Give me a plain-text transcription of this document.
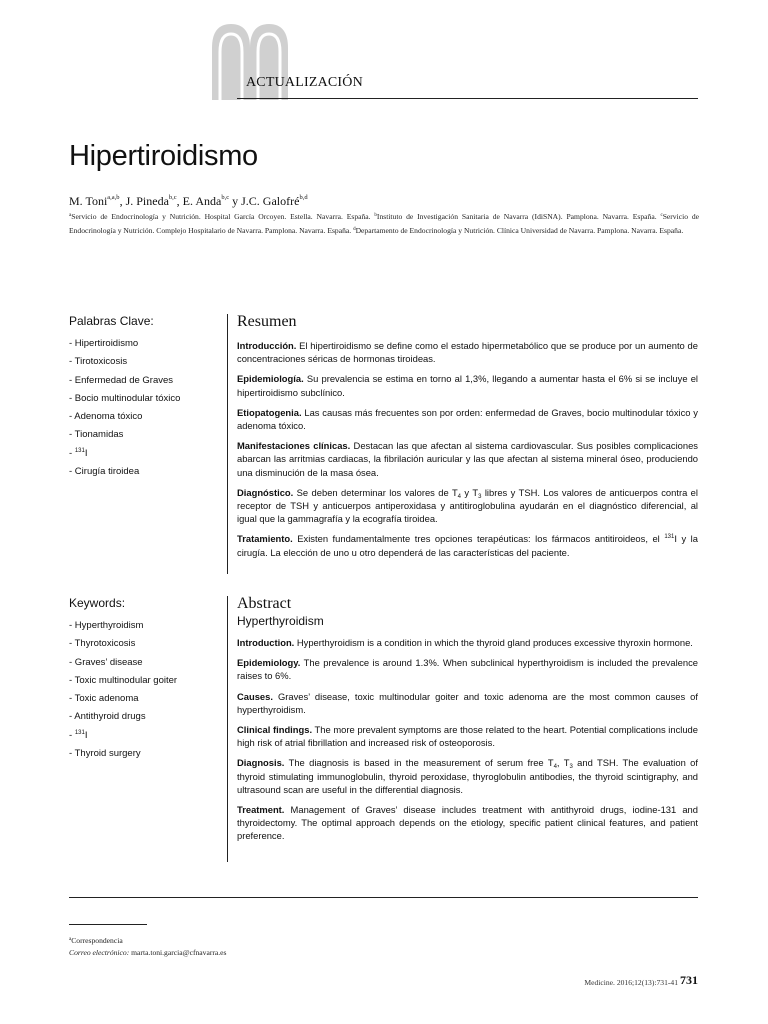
ACTUALIZACIÓN
Hipertiroidismo
M. Toni$^{a,a,b}$, J. Pineda$^{b,c}$, E. Anda$^{b,c}$ y J.C. Galofré$^{b,d}$
$^a$Servicio de Endocrinología y Nutrición. Hospital García Orcoyen. Estella. Navarra. España. $^b$Instituto de Investigación Sanitaria de Navarra (IdiSNA). Pamplona. Navarra. España. $^c$Servicio de Endocrinología y Nutrición. Complejo Hospitalario de Navarra. Pamplona. Navarra. España. $^d$Departamento de Endocrinología y Nutrición. Clínica Universidad de Navarra. Pamplona. Navarra. España.
Palabras Clave:
- Hipertiroidismo
- Tirotoxicosis
- Enfermedad de Graves
- Bocio multinodular tóxico
- Adenoma tóxico
- Tionamidas
- $^{131}$I
- Cirugía tiroidea
Keywords:
- Hyperthyroidism
- Thyrotoxicosis
- Graves’ disease
- Toxic multinodular goiter
- Toxic adenoma
- Antithyroid drugs
- $^{131}$I
- Thyroid surgery
Resumen

Introducción. El hipertiroidismo se define como el estado hipermetabólico que se produce por un aumento de concentraciones séricas de hormonas tiroideas.

Epidemiología. Su prevalencia se estima en torno al 1,3%, llegando a aumentar hasta el 6% si se incluye el hipertiroidismo subclínico.

Etiopatogenia. Las causas más frecuentes son por orden: enfermedad de Graves, bocio multinodular tóxico y adenoma tóxico.

Manifestaciones clínicas. Destacan las que afectan al sistema cardiovascular. Sus posibles complicaciones abarcan las arritmias cardiacas, la fibrilación auricular y las que afectan al sistema mineral óseo, produciendo una disminución de la masa ósea.

Diagnóstico. Se deben determinar los valores de $T_4$ y $T_3$ libres y TSH. Los valores de anticuerpos contra el receptor de TSH y anticuerpos antiperoxidasa y antitiroglobulina ayudarán en el diagnóstico diferencial, al igual que la gammagrafía y la ecografía tiroidea.

Tratamiento. Existen fundamentalmente tres opciones terapéuticas: los fármacos antitiroideos, el $^{131}$I y la cirugía. La elección de uno u otro dependerá de las características del paciente.

Abstract
Hyperthyroidism

Introduction. Hyperthyroidism is a condition in which the thyroid gland produces excessive thyroxin hormone.

Epidemiology. The prevalence is around 1.3%. When subclinical hyperthyroidism is included the prevalence raises to 6%.

Causes. Graves’ disease, toxic multinodular goiter and toxic adenoma are the most common causes of hyperthyroidism.

Clinical findings. The more prevalent symptoms are those related to the heart. Potential complications include high risk of atrial fibrillation and increased risk of osteoporosis.

Diagnosis. The diagnosis is based in the measurement of serum free $T_4$, $T_3$ and TSH. The evaluation of thyroid stimulating immunoglobulin, thyroid peroxidase, thyroglobulin antibodies, the thyroid scintigraphy, and ultrasound scan are useful in the differential diagnosis.

Treatment. Management of Graves’ disease includes treatment with antithyroid drugs, iodine-131 and thyroidectomy. The optimal approach depends on the etiology, specific patient clinical features, and patient preference.

$^a$Correspondencia
Correo electrónico: marta.toni.garcia@cfnavarra.es
Medicine. 2016;12(13):731-41 731
